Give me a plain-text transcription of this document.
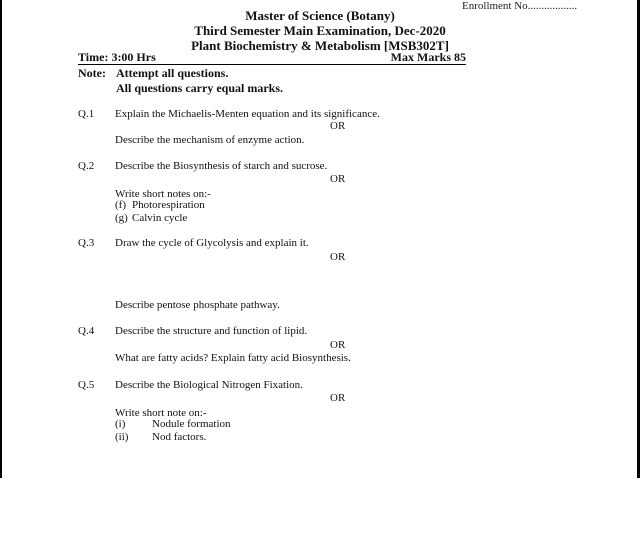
Enrollment No..................
Master of Science (Botany)
Third Semester Main Examination, Dec-2020
Plant Biochemistry & Metabolism [MSB302T]
Time: 3:00 Hrs	Max Marks 85
Note: Attempt all questions.
All questions carry equal marks.
Q.1 Explain the Michaelis-Menten equation and its significance.
OR
Describe the mechanism of enzyme action.
Q.2 Describe the Biosynthesis of starch and sucrose.
OR
Write short notes on:-
(f) Photorespiration
(g) Calvin cycle
Q.3 Draw the cycle of Glycolysis and explain it.
OR
Describe pentose phosphate pathway.
Q.4 Describe the structure and function of lipid.
OR
What are fatty acids? Explain fatty acid Biosynthesis.
Q.5 Describe the Biological Nitrogen Fixation.
OR
Write short note on:-
(i) Nodule formation
(ii) Nod factors.
